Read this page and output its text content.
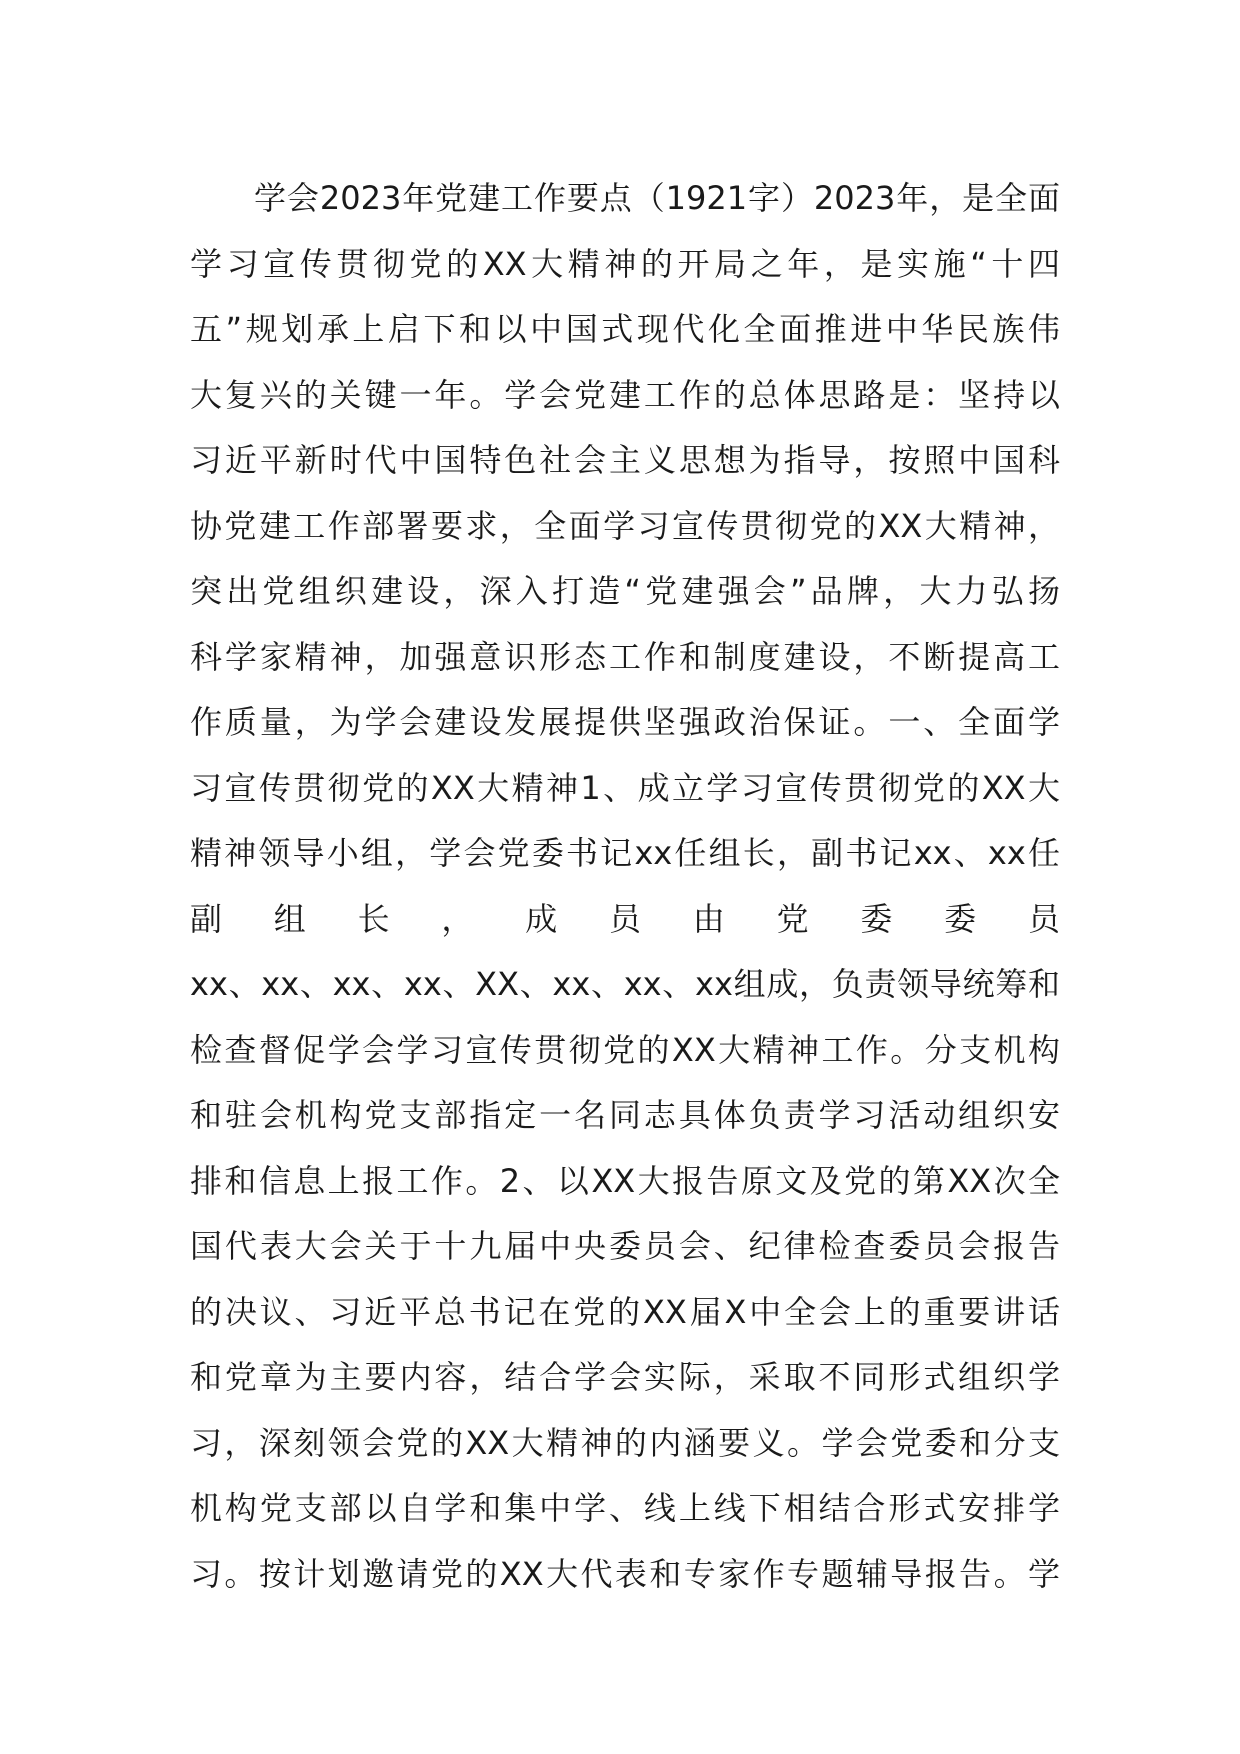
学会2023年党建工作要点（1921字）2023年，是全面
学习宣传贯彻党的XX大精神的开局之年，是实施“十四
五”规划承上启下和以中国式现代化全面推进中华民族伟
大复兴的关键一年。学会党建工作的总体思路是：坚持以
习近平新时代中国特色社会主义思想为指导，按照中国科
协党建工作部署要求，全面学习宣传贯彻党的XX大精神，
突出党组织建设，深入打造“党建强会”品牌，大力弘扬
科学家精神，加强意识形态工作和制度建设，不断提高工
作质量，为学会建设发展提供坚强政治保证。一、全面学
习宣传贯彻党的XX大精神1、成立学习宣传贯彻党的XX大
精神领导小组，学会党委书记xx任组长，副书记xx、xx任
副 组 长 ， 成 员 由 党 委 委 员
xx、xx、xx、xx、XX、xx、xx、xx组成，负责领导统筹和
检查督促学会学习宣传贯彻党的XX大精神工作。分支机构
和驻会机构党支部指定一名同志具体负责学习活动组织安
排和信息上报工作。2、以XX大报告原文及党的第XX次全
国代表大会关于十九届中央委员会、纪律检查委员会报告
的决议、习近平总书记在党的XX届X中全会上的重要讲话
和党章为主要内容，结合学会实际，采取不同形式组织学
习，深刻领会党的XX大精神的内涵要义。学会党委和分支
机构党支部以自学和集中学、线上线下相结合形式安排学
习。按计划邀请党的XX大代表和专家作专题辅导报告。学
